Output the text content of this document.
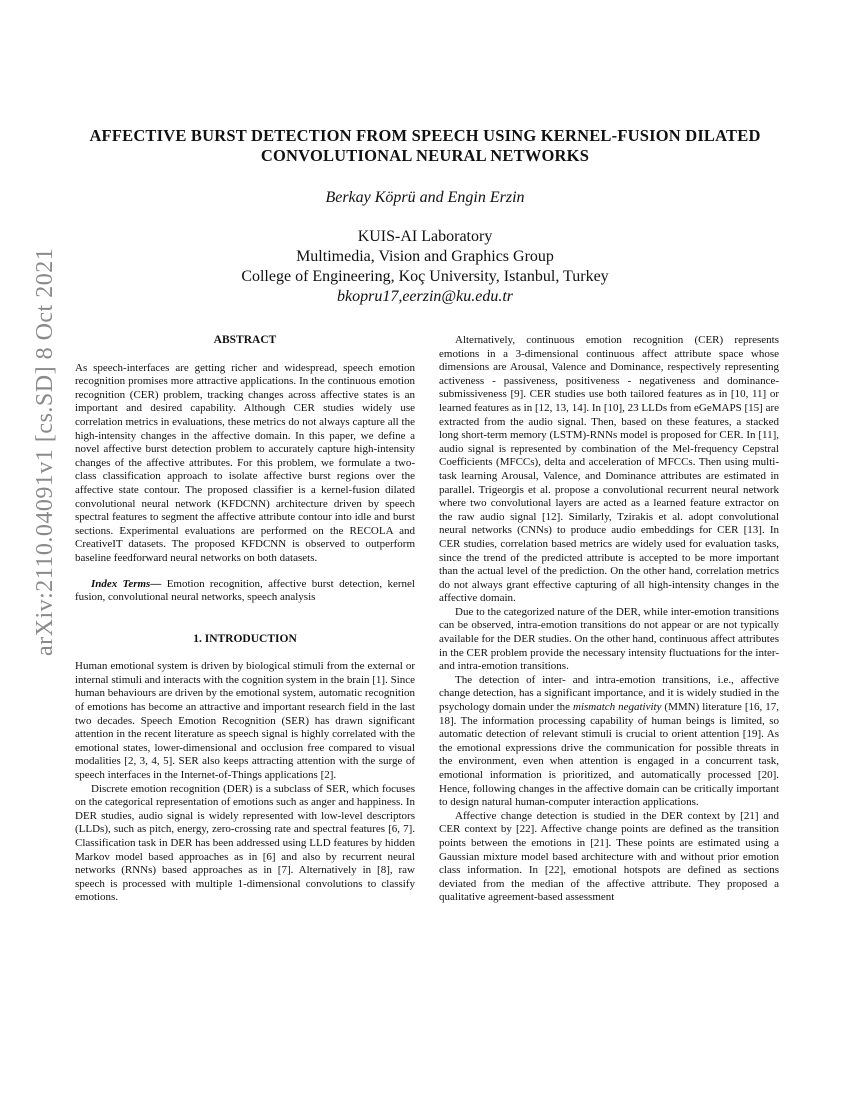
arXiv:2110.04091v1 [cs.SD] 8 Oct 2021
AFFECTIVE BURST DETECTION FROM SPEECH USING KERNEL-FUSION DILATED
CONVOLUTIONAL NEURAL NETWORKS
Berkay Köprü and Engin Erzin
KUIS-AI Laboratory
Multimedia, Vision and Graphics Group
College of Engineering, Koç University, Istanbul, Turkey
bkopru17,eerzin@ku.edu.tr
ABSTRACT

As speech-interfaces are getting richer and widespread, speech emotion recognition promises more attractive applications. In the continuous emotion recognition (CER) problem, tracking changes across affective states is an important and desired capability. Although CER studies widely use correlation metrics in evaluations, these metrics do not always capture all the high-intensity changes in the affective domain. In this paper, we define a novel affective burst detection problem to accurately capture high-intensity changes of the affective attributes. For this problem, we formulate a two-class classification approach to isolate affective burst regions over the affective state contour. The proposed classifier is a kernel-fusion dilated convolutional neural network (KFDCNN) architecture driven by speech spectral features to segment the affective attribute contour into idle and burst sections. Experimental evaluations are performed on the RECOLA and CreativeIT datasets. The proposed KFDCNN is observed to outperform baseline feedforward neural networks on both datasets.

Index Terms— Emotion recognition, affective burst detection, kernel fusion, convolutional neural networks, speech analysis

1. INTRODUCTION

Human emotional system is driven by biological stimuli from the external or internal stimuli and interacts with the cognition system in the brain [1]. Since human behaviours are driven by the emotional system, automatic recognition of emotions has become an attractive and important research field in the last two decades. Speech Emotion Recognition (SER) has drawn significant attention in the recent literature as speech signal is highly correlated with the emotional states, lower-dimensional and occlusion free compared to visual modalities [2, 3, 4, 5]. SER also keeps attracting attention with the surge of speech interfaces in the Internet-of-Things applications [2].

Discrete emotion recognition (DER) is a subclass of SER, which focuses on the categorical representation of emotions such as anger and happiness. In DER studies, audio signal is widely represented with low-level descriptors (LLDs), such as pitch, energy, zero-crossing rate and spectral features [6, 7]. Classification task in DER has been addressed using LLD features by hidden Markov model based approaches as in [6] and also by recurrent neural networks (RNNs) based approaches as in [7]. Alternatively in [8], raw speech is processed with multiple 1-dimensional convolutions to classify emotions.

Alternatively, continuous emotion recognition (CER) represents emotions in a 3-dimensional continuous affect attribute space whose dimensions are Arousal, Valence and Dominance, respectively representing activeness - passiveness, positiveness - negativeness and dominance-submissiveness [9]. CER studies use both tailored features as in [10, 11] or learned features as in [12, 13, 14]. In [10], 23 LLDs from eGeMAPS [15] are extracted from the audio signal. Then, based on these features, a stacked long short-term memory (LSTM)-RNNs model is proposed for CER. In [11], audio signal is represented by combination of the Mel-frequency Cepstral Coefficients (MFCCs), delta and acceleration of MFCCs. Then using multi-task learning Arousal, Valence, and Dominance attributes are estimated in parallel. Trigeorgis et al. propose a convolutional recurrent neural network where two convolutional layers are acted as a learned feature extractor on the raw audio signal [12]. Similarly, Tzirakis et al. adopt convolutional neural networks (CNNs) to produce audio embeddings for CER [13]. In CER studies, correlation based metrics are widely used for evaluation tasks, since the trend of the predicted attribute is accepted to be more important than the actual level of the prediction. On the other hand, correlation metrics do not always grant effective capturing of all high-intensity changes in the affective domain.

Due to the categorized nature of the DER, while inter-emotion transitions can be observed, intra-emotion transitions do not appear or are not typically available for the DER studies. On the other hand, continuous affect attributes in the CER problem provide the necessary intensity fluctuations for the inter- and intra-emotion transitions.

The detection of inter- and intra-emotion transitions, i.e., affective change detection, has a significant importance, and it is widely studied in the psychology domain under the mismatch negativity (MMN) literature [16, 17, 18]. The information processing capability of human beings is limited, so automatic detection of relevant stimuli is crucial to orient attention [19]. As the emotional expressions drive the communication for possible threats in the environment, even when attention is engaged in a concurrent task, emotional information is prioritized, and automatically processed [20]. Hence, following changes in the affective domain can be critically important to design natural human-computer interaction applications.

Affective change detection is studied in the DER context by [21] and CER context by [22]. Affective change points are defined as the transition points between the emotions in [21]. These points are estimated using a Gaussian mixture model based architecture with and without prior emotion class information. In [22], emotional hotspots are defined as sections deviated from the median of the affective attribute. They proposed a qualitative agreement-based assessment
